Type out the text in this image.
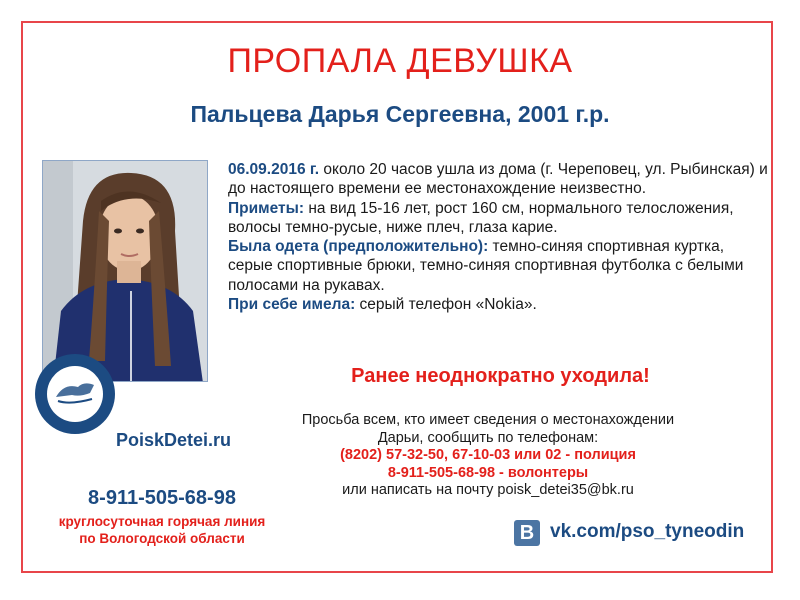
ПРОПАЛА ДЕВУШКА
Пальцева Дарья Сергеевна, 2001 г.р.

06.09.2016 г. около 20 часов ушла из дома (г. Череповец, ул. Рыбинская) и до настоящего времени ее местонахождение неизвестно.

Приметы: на вид 15-16 лет, рост 160 см, нормального телосложения, волосы темно-русые, ниже плеч, глаза карие.

Была одета (предположительно): темно-синяя спортивная куртка, серые спортивные брюки, темно-синяя спортивная футболка с белыми полосами на рукавах.

При себе имела: серый телефон «Nokia».

Ранее неоднократно уходила!
PoiskDetei.ru
Просьба всем, кто имеет сведения о местонахождении
Дарьи, сообщить по телефонам:
(8202) 57-32-50, 67-10-03 или 02 - полиция
8-911-505-68-98 - волонтеры
или написать на почту poisk_detei35@bk.ru
8-911-505-68-98
круглосуточная горячая линия
по Вологодской области	B vk.com/pso_tyneodin
